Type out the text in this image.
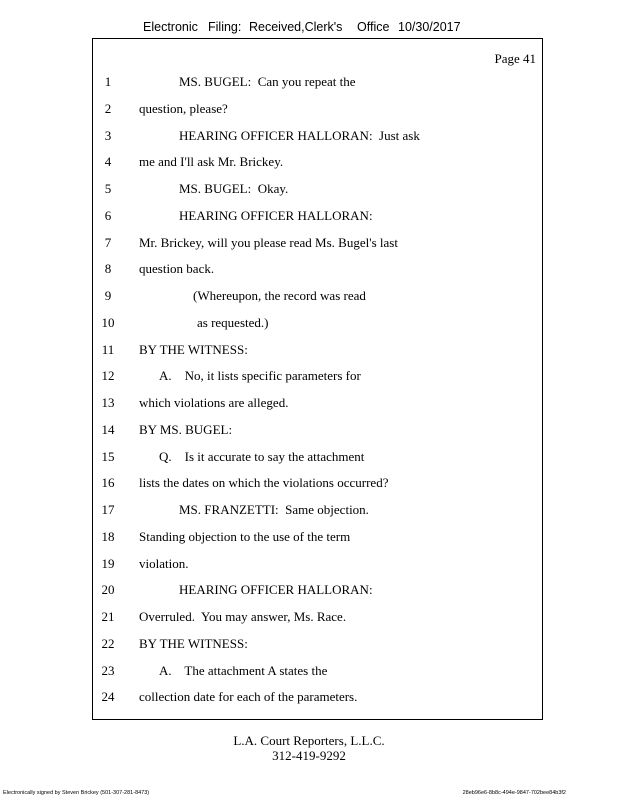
Electronic Filing: Received,Clerk's Office 10/30/2017
Page 41
1	MS. BUGEL:  Can you repeat the
2	question, please?
3	HEARING OFFICER HALLORAN:  Just ask
4	me and I'll ask Mr. Brickey.
5	MS. BUGEL:  Okay.
6	HEARING OFFICER HALLORAN:
7	Mr. Brickey, will you please read Ms. Bugel's last
8	question back.
9	(Whereupon, the record was read
10	as requested.)
11	BY THE WITNESS:
12	A.    No, it lists specific parameters for
13	which violations are alleged.
14	BY MS. BUGEL:
15	Q.    Is it accurate to say the attachment
16	lists the dates on which the violations occurred?
17	MS. FRANZETTI:  Same objection.
18	Standing objection to the use of the term
19	violation.
20	HEARING OFFICER HALLORAN:
21	Overruled.  You may answer, Ms. Race.
22	BY THE WITNESS:
23	A.    The attachment A states the
24	collection date for each of the parameters.
L.A. Court Reporters, L.L.C.
312-419-9292
Electronically signed by Steven Brickey (501-307-281-8473)	28eb96e6-8b8c-494e-9847-702bee84b3f2
